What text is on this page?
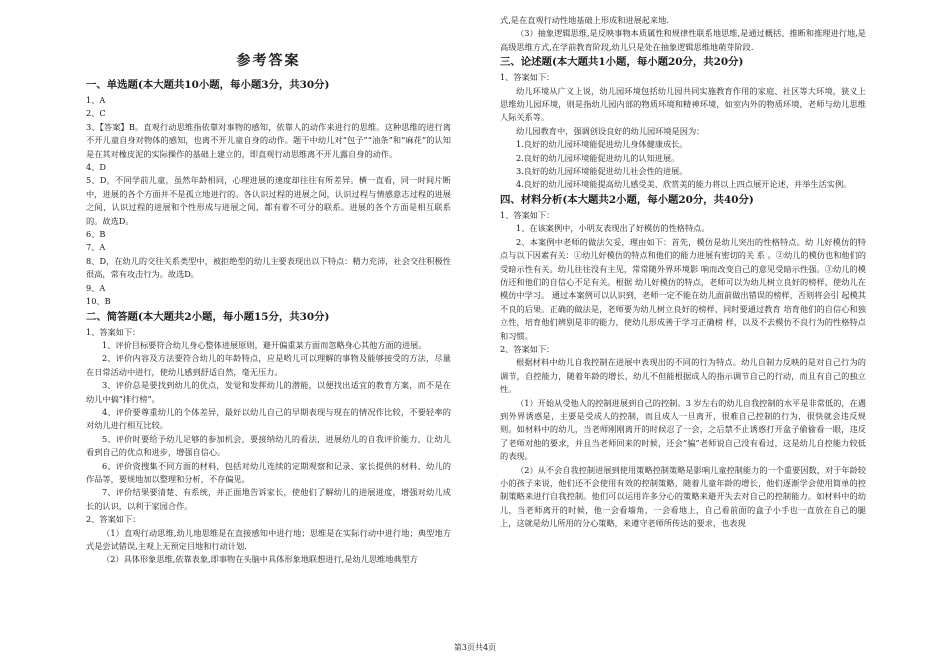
参考答案
一、单选题(本大题共10小题，每小题3分，共30分)

1、A

2、C

3、【答案】B。直观行动思维指依靠对事物的感知，依靠人的动作来进行的思维。这种思维的进行离不开儿童自身对物体的感知，也离不开儿童自身的动作。题干中幼儿对“包子”“油条”和“麻花”的认知是在其对橡皮泥的实际操作的基础上建立的，即直观行动思维离不开儿露自身的动作。

4、D

5、D，不同学前儿童，虽然年龄相同，心理进展的速度却往往有所差异。横一直看，同一时间片断中，进展的各个方面并不是孤立地进行的。各认识过程的进展之间，认识过程与情感意志过程的进展之间，认识过程的进展和个性形成与进展之间，都有着不可分的联系。进展的各个方面是相互联系的。故选D。

6、B

7、A

8、D，在幼儿的交往关系类型中，被拒绝型的幼儿主要表现出以下特点：精力充沛，社会交往积极性很高，常有攻击行为。故选D。

9、A

10、B

二、简答题(本大题共2小题，每小题15分，共30分)

1、答案如下：

1、评价目标要符合幼儿身心整体进展原则，避开偏重某方面而忽略身心其他方面的进展。

2、评价内容及方法要符合幼儿的年龄特点，应是哟儿可以理解的事物及能够接受的方法，尽量在日常活动中进行，使幼儿感到舒适自然，毫无压力。

3、评价总是要找到幼儿的优点，发觉和发挥幼儿的潜能，以便找出适宜的教育方案，而不是在幼儿中搞“排行榜”。

4、评价要尊重幼儿的个体差异，最好以幼儿自己的早期表现与现在的情况作比较，不要轻率的对幼儿进行相互比较。

5、评价时要给予幼儿足够的参加机会，要接纳幼儿的看法，进展幼儿的自我评价能力，让幼儿看到自己的优点和进步，增强自信心。

6、评价资搜集不同方面的材料，包括对幼儿连续的定期观察和记录、家长提供的材料、幼儿的作品等，要规地加以整理和分析，不存偏见。

7、评价结果要清楚、有系统，并正面地告诉家长，使他们了解幼儿的进展进度，增强对幼儿成长的认识，以利于家园合作。

2、答案如下：

（1）直观行动思维,幼儿地思维是在直接感知中进行地；思维是在实际行动中进行地；典型地方式是尝试错误,主观上无预定目地和行动计划.

（2）具体形象思维,依靠表象,即事物在头脑中具体形象地联想进行,是幼儿思维地典型方

式,是在直观行动性地基础上形成和进展起来地.

（3）抽象逻辑思维,是反映事物本质属性和规律性联系地思维,是通过概括、推断和推理进行地,是高级思维方式,在学前教育阶段,幼儿只是处在抽象逻辑思维地萌芽阶段.

三、论述题(本大题共1小题，每小题20分，共20分)

1、答案如下：

幼儿环境从广义上说，幼儿园环境包括幼儿园共同实施教育作用的家庭、社区等大环境，狭义上思维幼儿园环境，则是指幼儿园内部的物质环境和精神环境，如室内外的物质环境，老师与幼儿思维人际关系等。

幼儿园教育中，强调创设良好的幼儿园环境是因为：

1.良好的幼儿园环境能促进幼儿身体健康成长。

2.良好的幼儿园环境能促进幼儿的认知进展。

3.良好的幼儿园环境能促进幼儿社会性的进展。

4.良好的幼儿园环境能提高幼儿感受美、欣赏美的能力将以上四点展开论述，并举生活实例。

四、材料分析(本大题共2小题，每小题20分，共40分)

1、答案如下：

1、在该案例中，小明友表现出了好模仿的性格特点。

2、本案例中老师的做法欠妥，理由如下：首先，模仿是幼儿突出的性格特点。幼 儿好模仿的特点与以下因素有关：①幼儿好模仿的特点和他们的能力进展有密切的关 系 。②幼儿的模仿也和他们的受暗示性有关。幼儿往往没有主见，常常随外界环境影 响而改变自己的意见受暗示性强。③幼儿的模仿还和他们的自信心不足有关。根据 幼儿好模仿的特点，老师可以为幼儿树立良好的榜样，使幼儿在模仿中学习。 通过本案例可以认识到，老师一定不能在幼儿面前做出错误的榜样，否则将会引 起模其不良的后果。正确的做法是，老师要为幼儿树立良好的榜样，同时要通过教育 培育他们的自信心和独立性，培育他们辨别是非的能力，使幼儿形成善于学习正确榜 样，以及不去模仿不良行为的性格特点和习惯。

2、答案如下：

根据材料中幼儿自我控制在进展中表现出的不同的行为特点。幼儿自制力反映的是对自己行为的调节，自控能力，随着年龄的增长，幼儿不但能根据成人的指示调节自己的行动，而且有自己的独立性。

（1）开始从受他人的控制进展到自己的控制。3 岁左右的幼儿自我控制的水平是非常低的，在遇到外界诱惑是，主要是受成人的控制，而且成人一旦离开，很难自己控制的行为，很快就会违反规则。如材料中的幼儿，当老师刚刚离开的时候忍了一会，之后禁不止诱惑打开盒子偷偷看一眼，违反了老师对他的要求，并且当老师回来的时候，还会“骗”老师说自己没有看过，这是幼儿自控能力较低的表现。

（2）从不会自我控制进展到使用策略控制策略是影响儿童控制能力的一个重要因数，对于年龄较小的孩子来说，他们还不会使用有效的控制策略，随着儿童年龄的增长，他们逐渐学会使用简单的控制策略来进行自我控制。他们可以运用许多分心的策略来避开失去对自己的控制能力。如材料中的幼儿，当老师离开的时候，他一会看墙角，一会看地上，自己看前面的盒子小手也一直放在自己的腿上，这就是幼儿所用的分心策略，来遵守老师所传达的要求，也表现

第3页共4页
